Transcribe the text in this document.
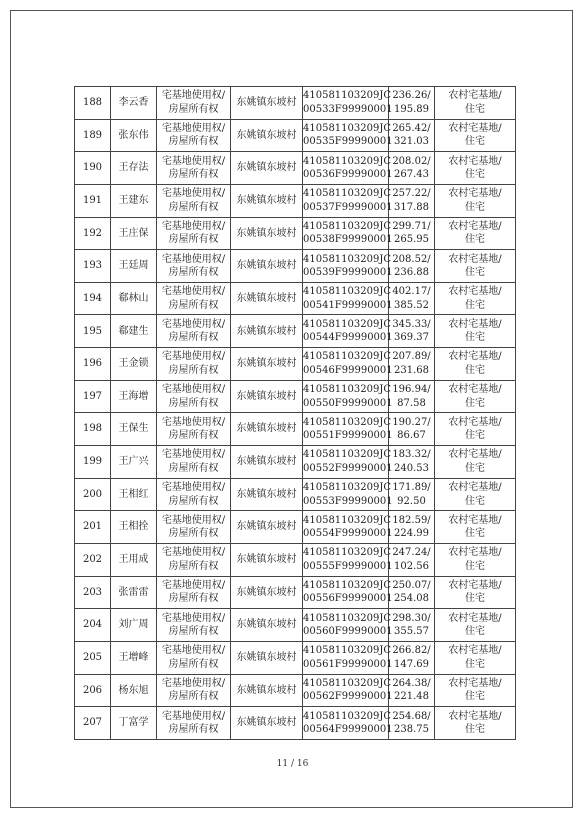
188	李云香	宅基地使用权/
房屋所有权	东姚镇东坡村	410581103209JC
00533F99990001	236.26/
195.89	农村宅基地/
住宅

189	张东伟	宅基地使用权/
房屋所有权	东姚镇东坡村	410581103209JC
00535F99990001	265.42/
321.03	农村宅基地/
住宅

190	王存法	宅基地使用权/
房屋所有权	东姚镇东坡村	410581103209JC
00536F99990001	208.02/
267.43	农村宅基地/
住宅

191	王建东	宅基地使用权/
房屋所有权	东姚镇东坡村	410581103209JC
00537F99990001	257.22/
317.88	农村宅基地/
住宅

192	王庄保	宅基地使用权/
房屋所有权	东姚镇东坡村	410581103209JC
00538F99990001	299.71/
265.95	农村宅基地/
住宅

193	王廷周	宅基地使用权/
房屋所有权	东姚镇东坡村	410581103209JC
00539F99990001	208.52/
236.88	农村宅基地/
住宅

194	郗林山	宅基地使用权/
房屋所有权	东姚镇东坡村	410581103209JC
00541F99990001	402.17/
385.52	农村宅基地/
住宅

195	郗建生	宅基地使用权/
房屋所有权	东姚镇东坡村	410581103209JC
00544F99990001	345.33/
369.37	农村宅基地/
住宅

196	王金锁	宅基地使用权/
房屋所有权	东姚镇东坡村	410581103209JC
00546F99990001	207.89/
231.68	农村宅基地/
住宅

197	王海增	宅基地使用权/
房屋所有权	东姚镇东坡村	410581103209JC
00550F99990001	196.94/
87.58	农村宅基地/
住宅

198	王保生	宅基地使用权/
房屋所有权	东姚镇东坡村	410581103209JC
00551F99990001	190.27/
86.67	农村宅基地/
住宅

199	王广兴	宅基地使用权/
房屋所有权	东姚镇东坡村	410581103209JC
00552F99990001	183.32/
240.53	农村宅基地/
住宅

200	王相红	宅基地使用权/
房屋所有权	东姚镇东坡村	410581103209JC
00553F99990001	171.89/
92.50	农村宅基地/
住宅

201	王相拴	宅基地使用权/
房屋所有权	东姚镇东坡村	410581103209JC
00554F99990001	182.59/
224.99	农村宅基地/
住宅

202	王用成	宅基地使用权/
房屋所有权	东姚镇东坡村	410581103209JC
00555F99990001	247.24/
102.56	农村宅基地/
住宅

203	张雷雷	宅基地使用权/
房屋所有权	东姚镇东坡村	410581103209JC
00556F99990001	250.07/
254.08	农村宅基地/
住宅

204	刘广周	宅基地使用权/
房屋所有权	东姚镇东坡村	410581103209JC
00560F99990001	298.30/
355.57	农村宅基地/
住宅

205	王增峰	宅基地使用权/
房屋所有权	东姚镇东坡村	410581103209JC
00561F99990001	266.82/
147.69	农村宅基地/
住宅

206	杨东旭	宅基地使用权/
房屋所有权	东姚镇东坡村	410581103209JC
00562F99990001	264.38/
221.48	农村宅基地/
住宅

207	丁富学	宅基地使用权/
房屋所有权	东姚镇东坡村	410581103209JC
00564F99990001	254.68/
238.75	农村宅基地/
住宅
11 / 16
